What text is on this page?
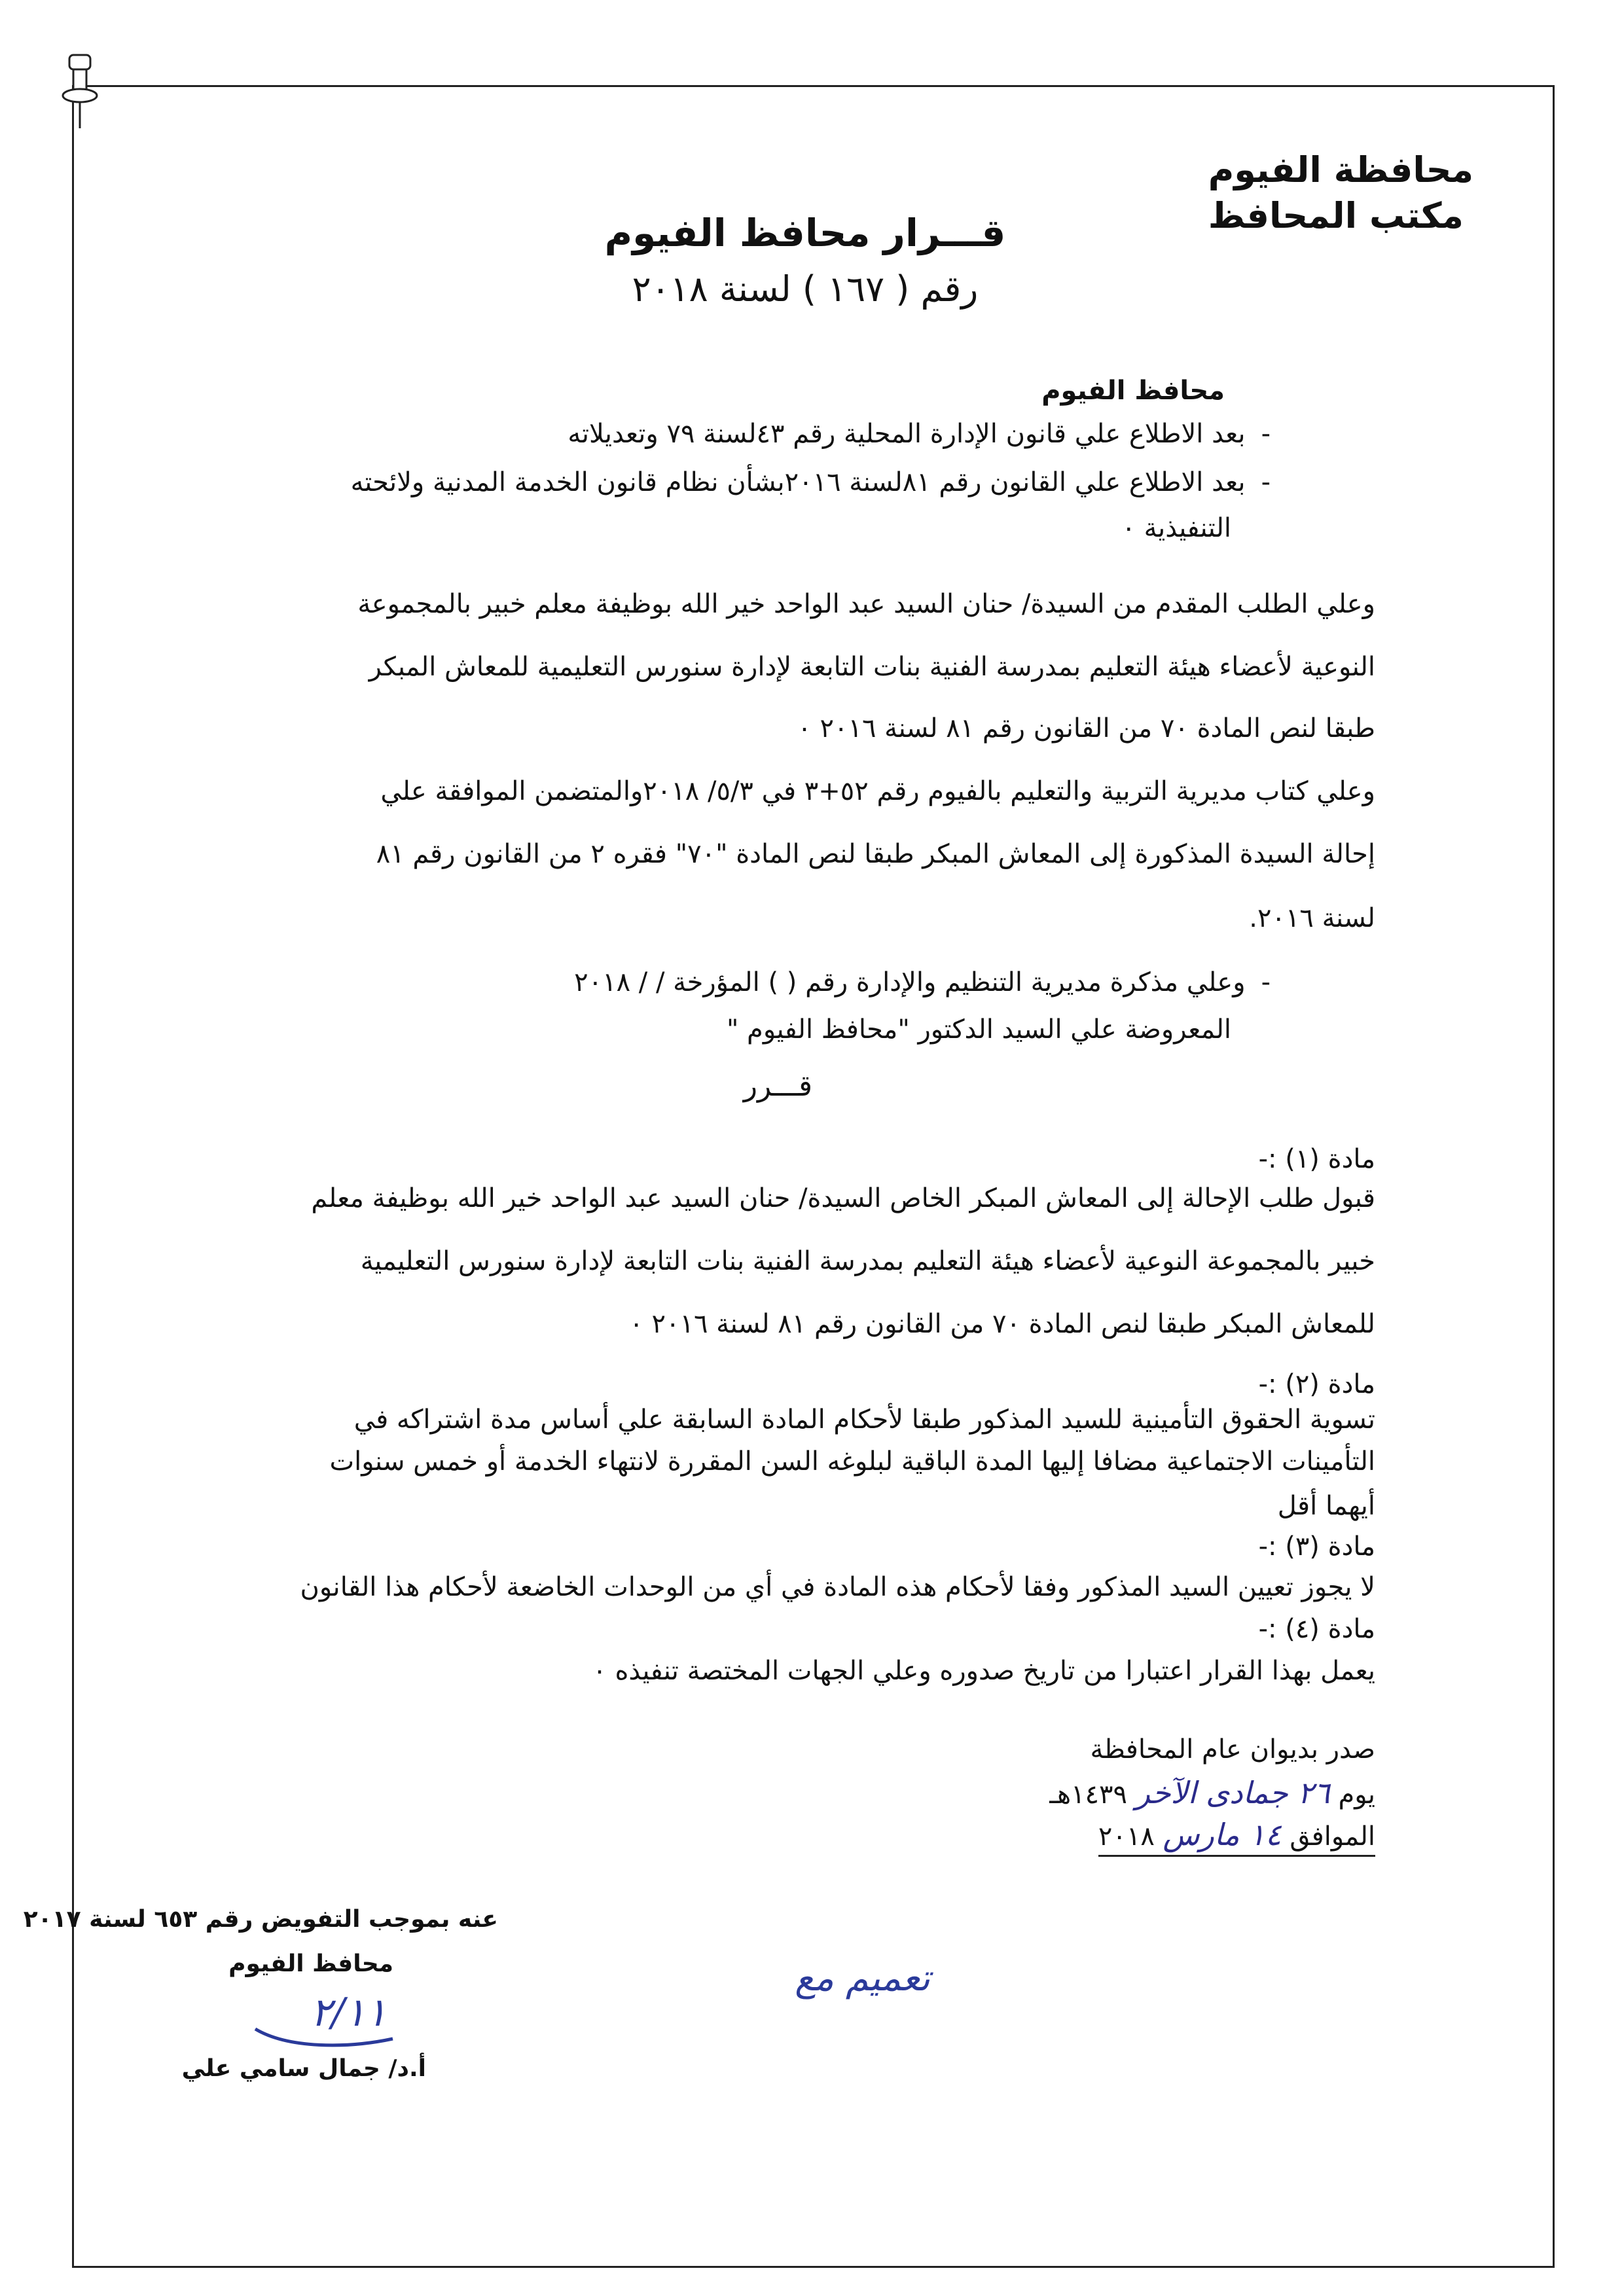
محافظة الفيوم
مكتب المحافظ
قـــرار محافظ الفيوم
رقم ( ١٦٧ ) لسنة ٢٠١٨
محافظ الفيوم
-بعد الاطلاع علي قانون الإدارة المحلية رقم ٤٣لسنة ٧٩ وتعديلاته
-بعد الاطلاع علي القانون رقم ٨١لسنة ٢٠١٦بشأن نظام قانون الخدمة المدنية ولائحته
التنفيذية ٠
وعلي الطلب المقدم من السيدة/ حنان السيد عبد الواحد خير الله بوظيفة معلم خبير بالمجموعة
النوعية لأعضاء هيئة التعليم بمدرسة الفنية بنات التابعة لإدارة سنورس التعليمية للمعاش المبكر
طبقا لنص المادة ٧٠ من القانون رقم ٨١ لسنة ٢٠١٦ ٠
وعلي كتاب مديرية التربية والتعليم بالفيوم رقم ٥٢+٣ في ٥/٣/ ٢٠١٨والمتضمن الموافقة علي
إحالة السيدة المذكورة إلى المعاش المبكر طبقا لنص المادة "٧٠" فقره ٢ من القانون رقم ٨١
لسنة ٢٠١٦.
-وعلي مذكرة مديرية التنظيم والإدارة رقم ( ) المؤرخة / / ٢٠١٨
المعروضة علي السيد الدكتور "محافظ الفيوم "
قـــرر
مادة (١) :-
قبول طلب الإحالة إلى المعاش المبكر الخاص السيدة/ حنان السيد عبد الواحد خير الله بوظيفة معلم
خبير بالمجموعة النوعية لأعضاء هيئة التعليم بمدرسة الفنية بنات التابعة لإدارة سنورس التعليمية
للمعاش المبكر طبقا لنص المادة ٧٠ من القانون رقم ٨١ لسنة ٢٠١٦ ٠
مادة (٢) :-
تسوية الحقوق التأمينية للسيد المذكور طبقا لأحكام المادة السابقة علي أساس مدة اشتراكه في
التأمينات الاجتماعية مضافا إليها المدة الباقية لبلوغه السن المقررة لانتهاء الخدمة أو خمس سنوات
أيهما أقل
مادة (٣) :-
لا يجوز تعيين السيد المذكور وفقا لأحكام هذه المادة في أي من الوحدات الخاضعة لأحكام هذا القانون
مادة (٤) :-
يعمل بهذا القرار اعتبارا من تاريخ صدوره وعلي الجهات المختصة تنفيذه ٠
صدر بديوان عام المحافظة
يوم ٢٦ جمادى الآخر ١٤٣٩هـ
الموافق ١٤ مارس ٢٠١٨
عنه بموجب التفويض رقم ٦٥٣ لسنة ٢٠١٧
محافظ الفيوم
٢/١١
أ.د/ جمال سامي علي
تعميم مع
